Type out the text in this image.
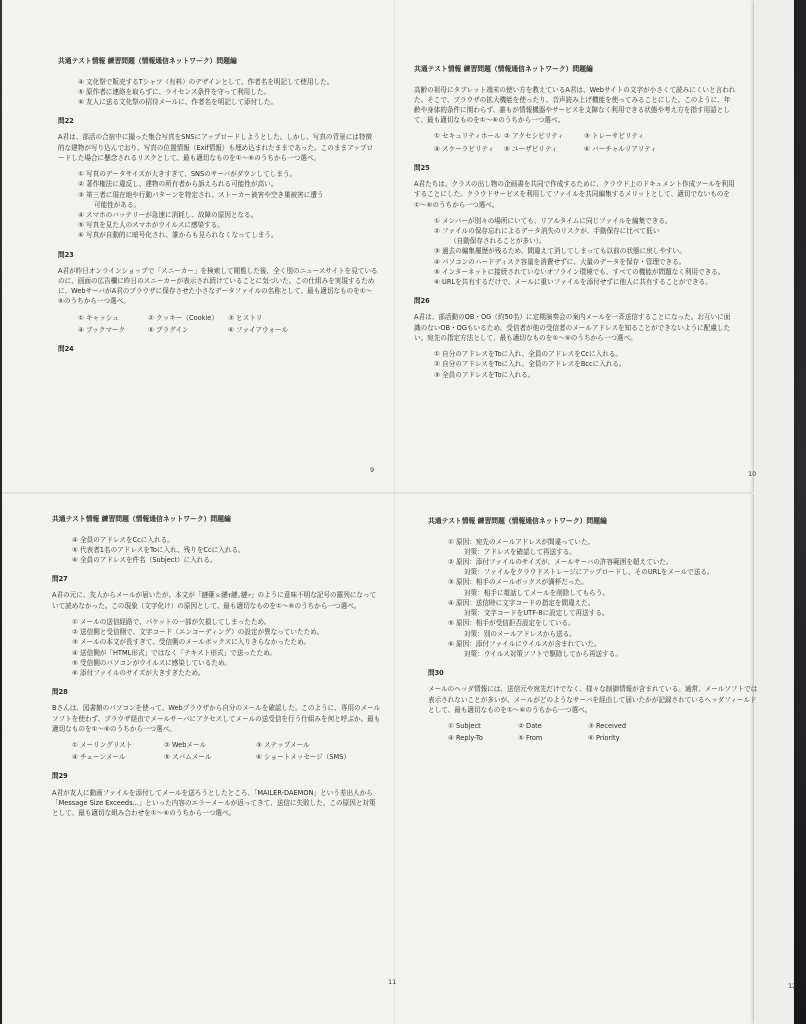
共通テスト情報 練習問題（情報通信ネットワーク）問題編
④ 文化祭で販売するTシャツ（有料）のデザインとして、作者名を明記して使用した。
⑤ 原作者に連絡を取らずに、ライセンス条件を守って利用した。
⑥ 友人に送る文化祭の招待メールに、作者名を明記して添付した。
問22
A君は、部活の合宿中に撮った集合写真をSNSにアップロードしようとした。しかし、写真の背景には特徴的な建物が写り込んでおり、写真の位置情報（Exif情報）も埋め込まれたままであった。このままアップロードした場合に懸念されるリスクとして、最も適切なものを①〜⑥のうちから一つ選べ。
① 写真のデータサイズが大きすぎて、SNSのサーバがダウンしてしまう。
② 著作権法に違反し、建物の所有者から訴えられる可能性が高い。
③ 第三者に現在地や行動パターンを特定され、ストーカー被害や空き巣被害に遭う
可能性がある。
④ スマホのバッテリーが急速に消耗し、故障の原因となる。
⑤ 写真を見た人のスマホがウイルスに感染する。
⑥ 写真が自動的に暗号化され、誰からも見られなくなってしまう。
問23
A君が昨日オンラインショップで「スニーカー」を検索して閲覧した後、全く別のニュースサイトを見ているのに、画面の広告欄に昨日のスニーカーが表示され続けていることに気づいた。この仕組みを実現するために、WebサーバがA君のブラウザに保存させた小さなデータファイルの名称として、最も適切なものを①〜⑥のうちから一つ選べ。
① キャッシュ	② クッキー（Cookie）	③ ヒストリ
④ ブックマーク	⑤ プラグイン	⑥ ファイアウォール
問24
9
共通テスト情報 練習問題（情報通信ネットワーク）問題編
高齢の祖母にタブレット端末の使い方を教えているA君は、Webサイトの文字が小さくて読みにくいと言われた。そこで、ブラウザの拡大機能を使ったり、音声読み上げ機能を使ってみることにした。このように、年齢や身体的条件に関わらず、誰もが情報機器やサービスを支障なく利用できる状態や考え方を指す用語として、最も適切なものを①〜⑥のうちから一つ選べ。
① セキュリティホール ② アクセシビリティ	③ トレーサビリティ
④ スケーラビリティ	⑤ ユーザビリティ	⑥ バーチャルリアリティ
問25
A君たちは、クラスの出し物の企画書を共同で作成するために、クラウド上のドキュメント作成ツールを利用することにした。クラウドサービスを利用してファイルを共同編集するメリットとして、適切でないものを①〜⑥のうちから一つ選べ。
① メンバーが別々の場所にいても、リアルタイムに同じファイルを編集できる。
② ファイルの保存忘れによるデータ消失のリスクが、手動保存に比べて低い
（自動保存されることが多い）。
③ 過去の編集履歴が残るため、間違えて消してしまっても以前の状態に戻しやすい。
④ パソコンのハードディスク容量を消費せずに、大量のデータを保存・管理できる。
⑤ インターネットに接続されていないオフライン環境でも、すべての機能が問題なく利用できる。
⑥ URLを共有するだけで、メールに重いファイルを添付せずに他人に共有することができる。
問26
A君は、部活動のOB・OG（約50名）に定期演奏会の案内メールを一斉送信することになった。お互いに面識のないOB・OGもいるため、受信者が他の受信者のメールアドレスを知ることができないように配慮したい。宛先の指定方法として、最も適切なものを①〜⑥のうちから一つ選べ。
① 自分のアドレスをToに入れ、全員のアドレスをCcに入れる。
② 自分のアドレスをToに入れ、全員のアドレスをBccに入れる。
③ 全員のアドレスをToに入れる。
10
共通テスト情報 練習問題（情報通信ネットワーク）問題編
④ 全員のアドレスをCcに入れる。
⑤ 代表者1名のアドレスをToに入れ、残りをCcに入れる。
⑥ 全員のアドレスを件名（Subject）に入れる。
問27
A君の元に、友人からメールが届いたが、本文が「縺薙ｓ縺ｫ縺｡縺ｯ」のように意味不明な記号の羅列になっていて読めなかった。この現象（文字化け）の原因として、最も適切なものを①〜⑥のうちから一つ選べ。
① メールの送信経路で、パケットの一部が欠損してしまったため。
② 送信側と受信側で、文字コード（エンコーディング）の設定が異なっていたため。
③ メールの本文が長すぎて、受信側のメールボックスに入りきらなかったため。
④ 送信側が「HTML形式」ではなく「テキスト形式」で送ったため。
⑤ 受信側のパソコンがウイルスに感染しているため。
⑥ 添付ファイルのサイズが大きすぎたため。
問28
Bさんは、図書館のパソコンを使って、Webブラウザから自分のメールを確認した。このように、専用のメールソフトを使わず、ブラウザ経由でメールサーバにアクセスしてメールの送受信を行う仕組みを何と呼ぶか。最も適切なものを①〜⑥のうちから一つ選べ。
① メーリングリスト	② Webメール	③ ステップメール
④ チェーンメール	⑤ スパムメール	⑥ ショートメッセージ（SMS）
問29
A君が友人に動画ファイルを添付してメールを送ろうとしたところ、「MAILER-DAEMON」という差出人から「Message Size Exceeds...」といった内容のエラーメールが返ってきて、送信に失敗した。この原因と対策として、最も適切な組み合わせを①〜⑥のうちから一つ選べ。
11
共通テスト情報 練習問題（情報通信ネットワーク）問題編
① 原因：宛先のメールアドレスが間違っていた。
対策：アドレスを確認して再送する。
② 原因：添付ファイルのサイズが、メールサーバの許容範囲を超えていた。
対策：ファイルをクラウドストレージにアップロードし、そのURLをメールで送る。
③ 原因：相手のメールボックスが満杯だった。
対策：相手に電話してメールを削除してもらう。
④ 原因：送信時に文字コードの指定を間違えた。
対策：文字コードをUTF-8に設定して再送する。
⑤ 原因：相手が受信拒否設定をしている。
対策：別のメールアドレスから送る。
⑥ 原因：添付ファイルにウイルスが含まれていた。
対策：ウイルス対策ソフトで駆除してから再送する。
問30
メールのヘッダ情報には、送信元や宛先だけでなく、様々な制御情報が含まれている。通常、メールソフトでは表示されないことが多いが、メールがどのようなサーバを経由して届いたかが記録されているヘッダフィールドとして、最も適切なものを①〜⑥のうちから一つ選べ。
① Subject	② Date	③ Received
④ Reply-To	⑤ From	⑥ Priority
12
